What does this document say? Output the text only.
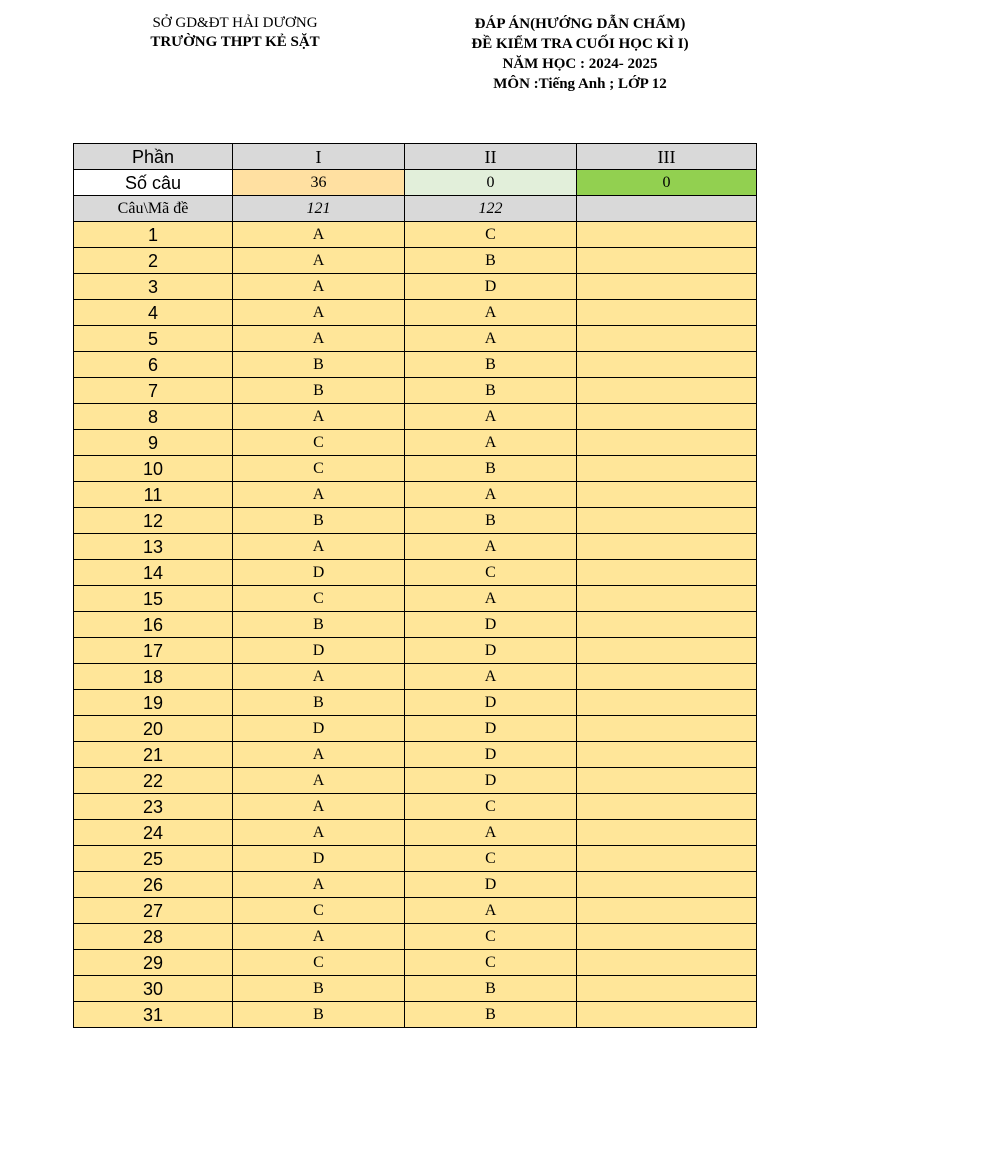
SỞ GD&ĐT HẢI DƯƠNG
TRƯỜNG THPT KẺ SẶT
ĐÁP ÁN(HƯỚNG DẪN CHẤM)
ĐỀ KIỂM TRA CUỐI HỌC KÌ I)
NĂM HỌC : 2024- 2025
MÔN :Tiếng Anh ; LỚP 12
Phần	I	II	III
Số câu	36	0	0
Câu\Mã đề	121	122	
1	A	C	
2	A	B	
3	A	D	
4	A	A	
5	A	A	
6	B	B	
7	B	B	
8	A	A	
9	C	A	
10	C	B	
11	A	A	
12	B	B	
13	A	A	
14	D	C	
15	C	A	
16	B	D	
17	D	D	
18	A	A	
19	B	D	
20	D	D	
21	A	D	
22	A	D	
23	A	C	
24	A	A	
25	D	C	
26	A	D	
27	C	A	
28	A	C	
29	C	C	
30	B	B	
31	B	B	
